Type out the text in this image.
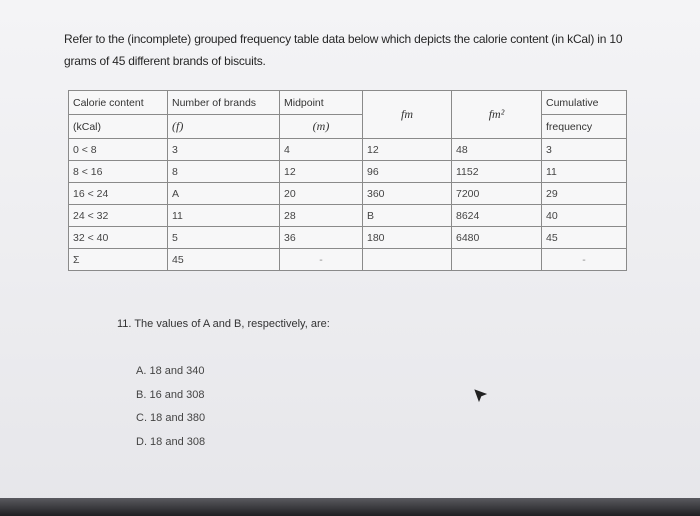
Refer to the (incomplete) grouped frequency table data below which depicts the calorie content (in kCal) in 10 grams of 45 different brands of biscuits.
Calorie content	Number of brands	Midpoint	fm	fm²	Cumulative
(kCal)	(f)	(m)			frequency
0 < 8	3	4	12	48	3
8 < 16	8	12	96	1152	11
16 < 24	A	20	360	7200	29
24 < 32	11	28	B	8624	40
32 < 40	5	36	180	6480	45
Σ	45	-			-
11. The values of A and B, respectively, are:
A. 18 and 340
B. 16 and 308
C. 18 and 380
D. 18 and 308
